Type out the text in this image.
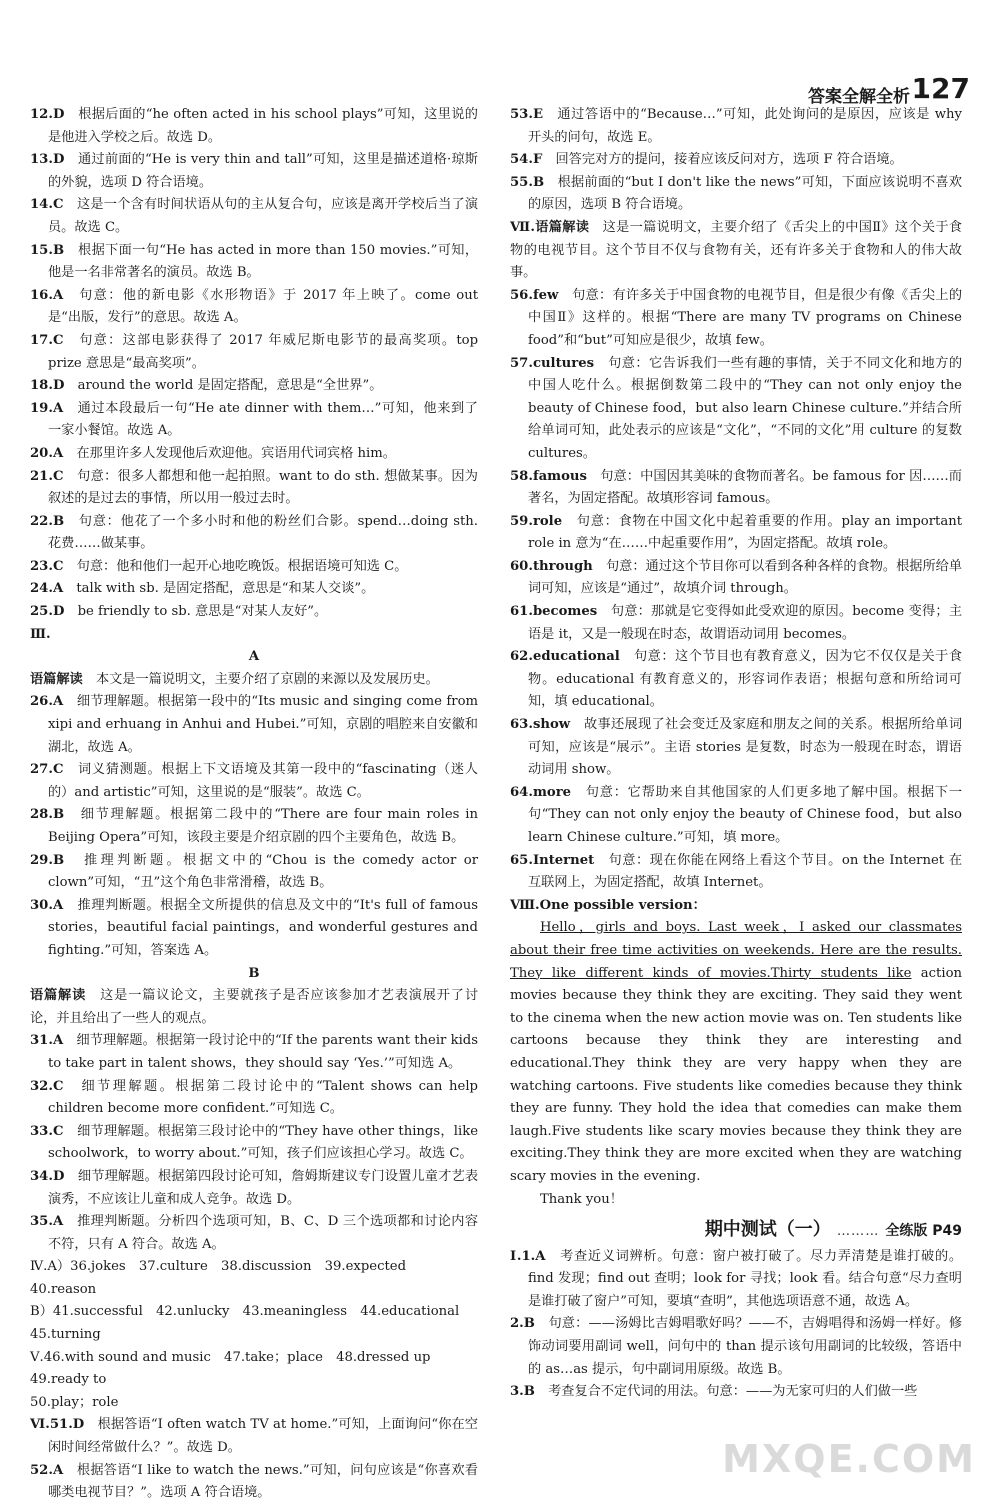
答案全解全析 127

12.D　 根据后面的“he often acted in his school plays”可知，这里说的是他进入学校之后。故选 D。

13.D　 通过前面的“He is very thin and tall”可知，这里是描述道格·琼斯的外貌，选项 D 符合语境。

14.C　 这是一个含有时间状语从句的主从复合句，应该是离开学校后当了演员。故选 C。

15.B　 根据下面一句“He has acted in more than 150 movies.”可知，他是一名非常著名的演员。故选 B。

16.A　 句意：他的新电影《水形物语》于 2017 年上映了。come out 是“出版，发行”的意思。故选 A。

17.C　 句意：这部电影获得了 2017 年威尼斯电影节的最高奖项。top prize 意思是“最高奖项”。

18.D　 around the world 是固定搭配，意思是“全世界”。

19.A　 通过本段最后一句“He ate dinner with them…”可知，他来到了一家小餐馆。故选 A。

20.A　 在那里许多人发现他后欢迎他。宾语用代词宾格 him。

21.C　 句意：很多人都想和他一起拍照。want to do sth. 想做某事。因为叙述的是过去的事情，所以用一般过去时。

22.B　 句意：他花了一个多小时和他的粉丝们合影。spend…doing sth. 花费……做某事。

23.C　 句意：他和他们一起开心地吃晚饭。根据语境可知选 C。

24.A　 talk with sb. 是固定搭配，意思是“和某人交谈”。

25.D　 be friendly to sb. 意思是“对某人友好”。

Ⅲ.

A

语篇解读　 本文是一篇说明文，主要介绍了京剧的来源以及发展历史。

26.A　 细节理解题。根据第一段中的“Its music and singing come from xipi and erhuang in Anhui and Hubei.”可知，京剧的唱腔来自安徽和湖北，故选 A。

27.C　 词义猜测题。根据上下文语境及其第一段中的“fascinating（迷人的）and artistic”可知，这里说的是“服装”。故选 C。

28.B　 细节理解题。根据第二段中的“There are four main roles in Beijing Opera”可知，该段主要是介绍京剧的四个主要角色，故选 B。

29.B　 推理判断题。根据文中的“Chou is the comedy actor or clown”可知，“丑”这个角色非常滑稽，故选 B。

30.A　 推理判断题。根据全文所提供的信息及文中的“It's full of famous stories，beautiful facial paintings，and wonderful gestures and fighting.”可知，答案选 A。

B

语篇解读　 这是一篇议论文，主要就孩子是否应该参加才艺表演展开了讨论，并且给出了一些人的观点。

31.A　 细节理解题。根据第一段讨论中的“If the parents want their kids to take part in talent shows，they should say ‘Yes.’”可知选 A。

32.C　 细节理解题。根据第二段讨论中的“Talent shows can help children become more confident.”可知选 C。

33.C　 细节理解题。根据第三段讨论中的“They have other things，like schoolwork，to worry about.”可知，孩子们应该担心学习。故选 C。

34.D　 细节理解题。根据第四段讨论可知，詹姆斯建议专门设置儿童才艺表演秀，不应该让儿童和成人竞争。故选 D。

35.A　 推理判断题。分析四个选项可知，B、C、D 三个选项都和讨论内容不符，只有 A 符合。故选 A。

Ⅳ.A）36.jokes　37.culture　38.discussion　39.expected　40.reason

B）41.successful　42.unlucky　43.meaningless　44.educational

45.turning

Ⅴ.46.with sound and music　47.take；place　48.dressed up　49.ready to

50.play；role

Ⅵ.51.D　 根据答语“I often watch TV at home.”可知，上面询问“你在空闲时间经常做什么？”。故选 D。

52.A　 根据答语“I like to watch the news.”可知，问句应该是“你喜欢看哪类电视节目？”。选项 A 符合语境。

53.E　 通过答语中的“Because…”可知，此处询问的是原因，应该是 why 开头的问句，故选 E。

54.F　 回答完对方的提问，接着应该反问对方，选项 F 符合语境。

55.B　 根据前面的“but I don't like the news”可知，下面应该说明不喜欢的原因，选项 B 符合语境。

Ⅶ.语篇解读　 这是一篇说明文，主要介绍了《舌尖上的中国Ⅱ》这个关于食物的电视节目。这个节目不仅与食物有关，还有许多关于食物和人的伟大故事。

56.few　 句意：有许多关于中国食物的电视节目，但是很少有像《舌尖上的中国Ⅱ》这样的。根据“There are many TV programs on Chinese food”和“but”可知应是很少，故填 few。

57.cultures　 句意：它告诉我们一些有趣的事情，关于不同文化和地方的中国人吃什么。根据倒数第二段中的“They can not only enjoy the beauty of Chinese food，but also learn Chinese culture.”并结合所给单词可知，此处表示的应该是“文化”，“不同的文化”用 culture 的复数 cultures。

58.famous　 句意：中国因其美味的食物而著名。be famous for 因……而著名，为固定搭配。故填形容词 famous。

59.role　 句意：食物在中国文化中起着重要的作用。play an important role in 意为“在……中起重要作用”，为固定搭配。故填 role。

60.through　 句意：通过这个节目你可以看到各种各样的食物。根据所给单词可知，应该是“通过”，故填介词 through。

61.becomes　 句意：那就是它变得如此受欢迎的原因。become 变得；主语是 it，又是一般现在时态，故谓语动词用 becomes。

62.educational　 句意：这个节目也有教育意义，因为它不仅仅是关于食物。educational 有教育意义的，形容词作表语；根据句意和所给词可知，填 educational。

63.show　 故事还展现了社会变迁及家庭和朋友之间的关系。根据所给单词可知，应该是“展示”。主语 stories 是复数，时态为一般现在时态，谓语动词用 show。

64.more　 句意：它帮助来自其他国家的人们更多地了解中国。根据下一句“They can not only enjoy the beauty of Chinese food，but also learn Chinese culture.”可知，填 more。

65.Internet　 句意：现在你能在网络上看这个节目。on the Internet 在互联网上，为固定搭配，故填 Internet。

Ⅷ.One possible version：

Hello，girls and boys. Last week，I asked our classmates about their free time activities on weekends. Here are the results. They like different kinds of movies.Thirty students like action movies because they think they are exciting. They said they went to the cinema when the new action movie was on. Ten students like cartoons because they think they are interesting and educational.They think they are very happy when they are watching cartoons. Five students like comedies because they think they are funny. They hold the idea that comedies can make them laugh.Five students like scary movies because they think they are exciting.They think they are more excited when they are watching scary movies in the evening.

Thank you！

期中测试（一） ……… 全练版 P49

Ⅰ.1.A　 考查近义词辨析。句意：窗户被打破了。尽力弄清楚是谁打破的。find 发现；find out 查明；look for 寻找；look 看。结合句意“尽力查明是谁打破了窗户”可知，要填“查明”，其他选项语意不通，故选 A。

2.B　 句意：——汤姆比吉姆唱歌好吗？——不，吉姆唱得和汤姆一样好。修饰动词要用副词 well，问句中的 than 提示该句用副词的比较级，答语中的 as…as 提示，句中副词用原级。故选 B。

3.B　 考查复合不定代词的用法。句意：——为无家可归的人们做一些

MXQE.COM
